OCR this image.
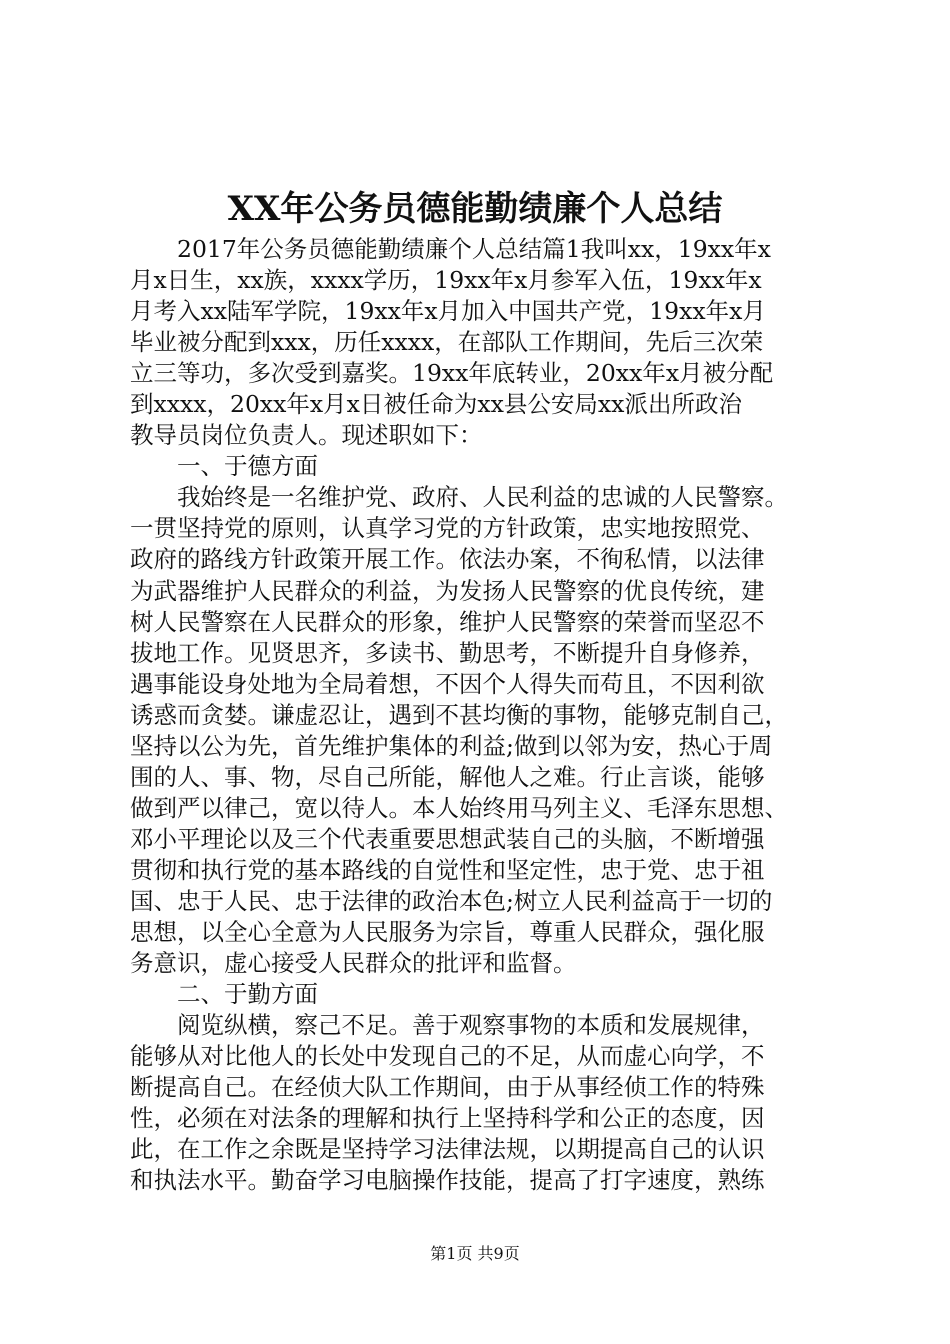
XX年公务员德能勤绩廉个人总结
2017年公务员德能勤绩廉个人总结篇1我叫xx，19xx年x
月x日生，xx族，xxxx学历，19xx年x月参军入伍，19xx年x
月考入xx陆军学院，19xx年x月加入中国共产党，19xx年x月
毕业被分配到xxx，历任xxxx，在部队工作期间，先后三次荣
立三等功，多次受到嘉奖。19xx年底转业，20xx年x月被分配
到xxxx，20xx年x月x日被任命为xx县公安局xx派出所政治
教导员岗位负责人。现述职如下：
一、于德方面
我始终是一名维护党、政府、人民利益的忠诚的人民警察。
一贯坚持党的原则，认真学习党的方针政策，忠实地按照党、
政府的路线方针政策开展工作。依法办案，不徇私情，以法律
为武器维护人民群众的利益，为发扬人民警察的优良传统，建
树人民警察在人民群众的形象，维护人民警察的荣誉而坚忍不
拔地工作。见贤思齐，多读书、勤思考，不断提升自身修养，
遇事能设身处地为全局着想，不因个人得失而苟且，不因利欲
诱惑而贪婪。谦虚忍让，遇到不甚均衡的事物，能够克制自己，
坚持以公为先，首先维护集体的利益;做到以邻为安，热心于周
围的人、事、物，尽自己所能，解他人之难。行止言谈，能够
做到严以律己，宽以待人。本人始终用马列主义、毛泽东思想、
邓小平理论以及三个代表重要思想武装自己的头脑，不断增强
贯彻和执行党的基本路线的自觉性和坚定性，忠于党、忠于祖
国、忠于人民、忠于法律的政治本色;树立人民利益高于一切的
思想，以全心全意为人民服务为宗旨，尊重人民群众，强化服
务意识，虚心接受人民群众的批评和监督。
二、于勤方面
阅览纵横，察己不足。善于观察事物的本质和发展规律，
能够从对比他人的长处中发现自己的不足，从而虚心向学，不
断提高自己。在经侦大队工作期间，由于从事经侦工作的特殊
性，必须在对法条的理解和执行上坚持科学和公正的态度，因
此，在工作之余既是坚持学习法律法规，以期提高自己的认识
和执法水平。勤奋学习电脑操作技能，提高了打字速度，熟练
第1页 共9页
